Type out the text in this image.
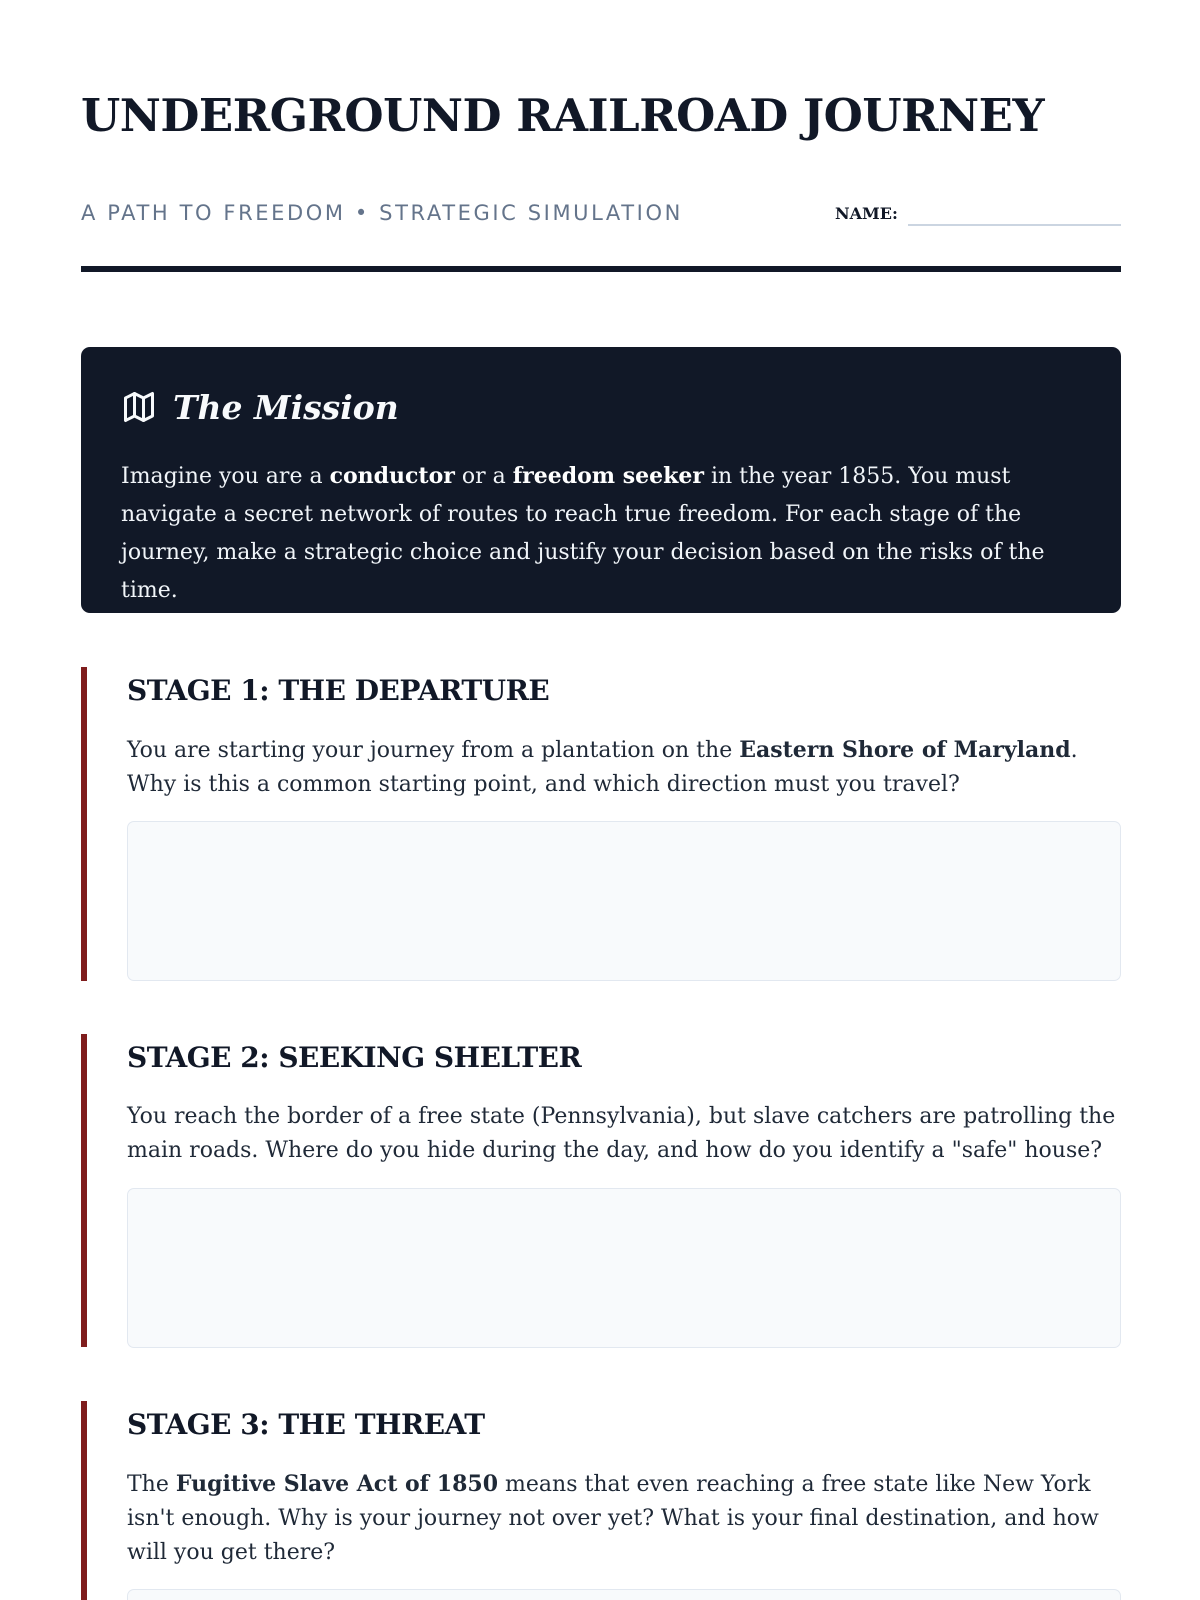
UNDERGROUND RAILROAD JOURNEY
A PATH TO FREEDOM • STRATEGIC SIMULATION	NAME:
The Mission
Imagine you are a conductor or a freedom seeker in the year 1855. You must navigate a secret network of routes to reach true freedom. For each stage of the journey, make a strategic choice and justify your decision based on the risks of the time.
STAGE 1: THE DEPARTURE
You are starting your journey from a plantation on the Eastern Shore of Maryland. Why is this a common starting point, and which direction must you travel?
STAGE 2: SEEKING SHELTER
You reach the border of a free state (Pennsylvania), but slave catchers are patrolling the main roads. Where do you hide during the day, and how do you identify a "safe" house?
STAGE 3: THE THREAT
The Fugitive Slave Act of 1850 means that even reaching a free state like New York isn't enough. Why is your journey not over yet? What is your final destination, and how will you get there?
